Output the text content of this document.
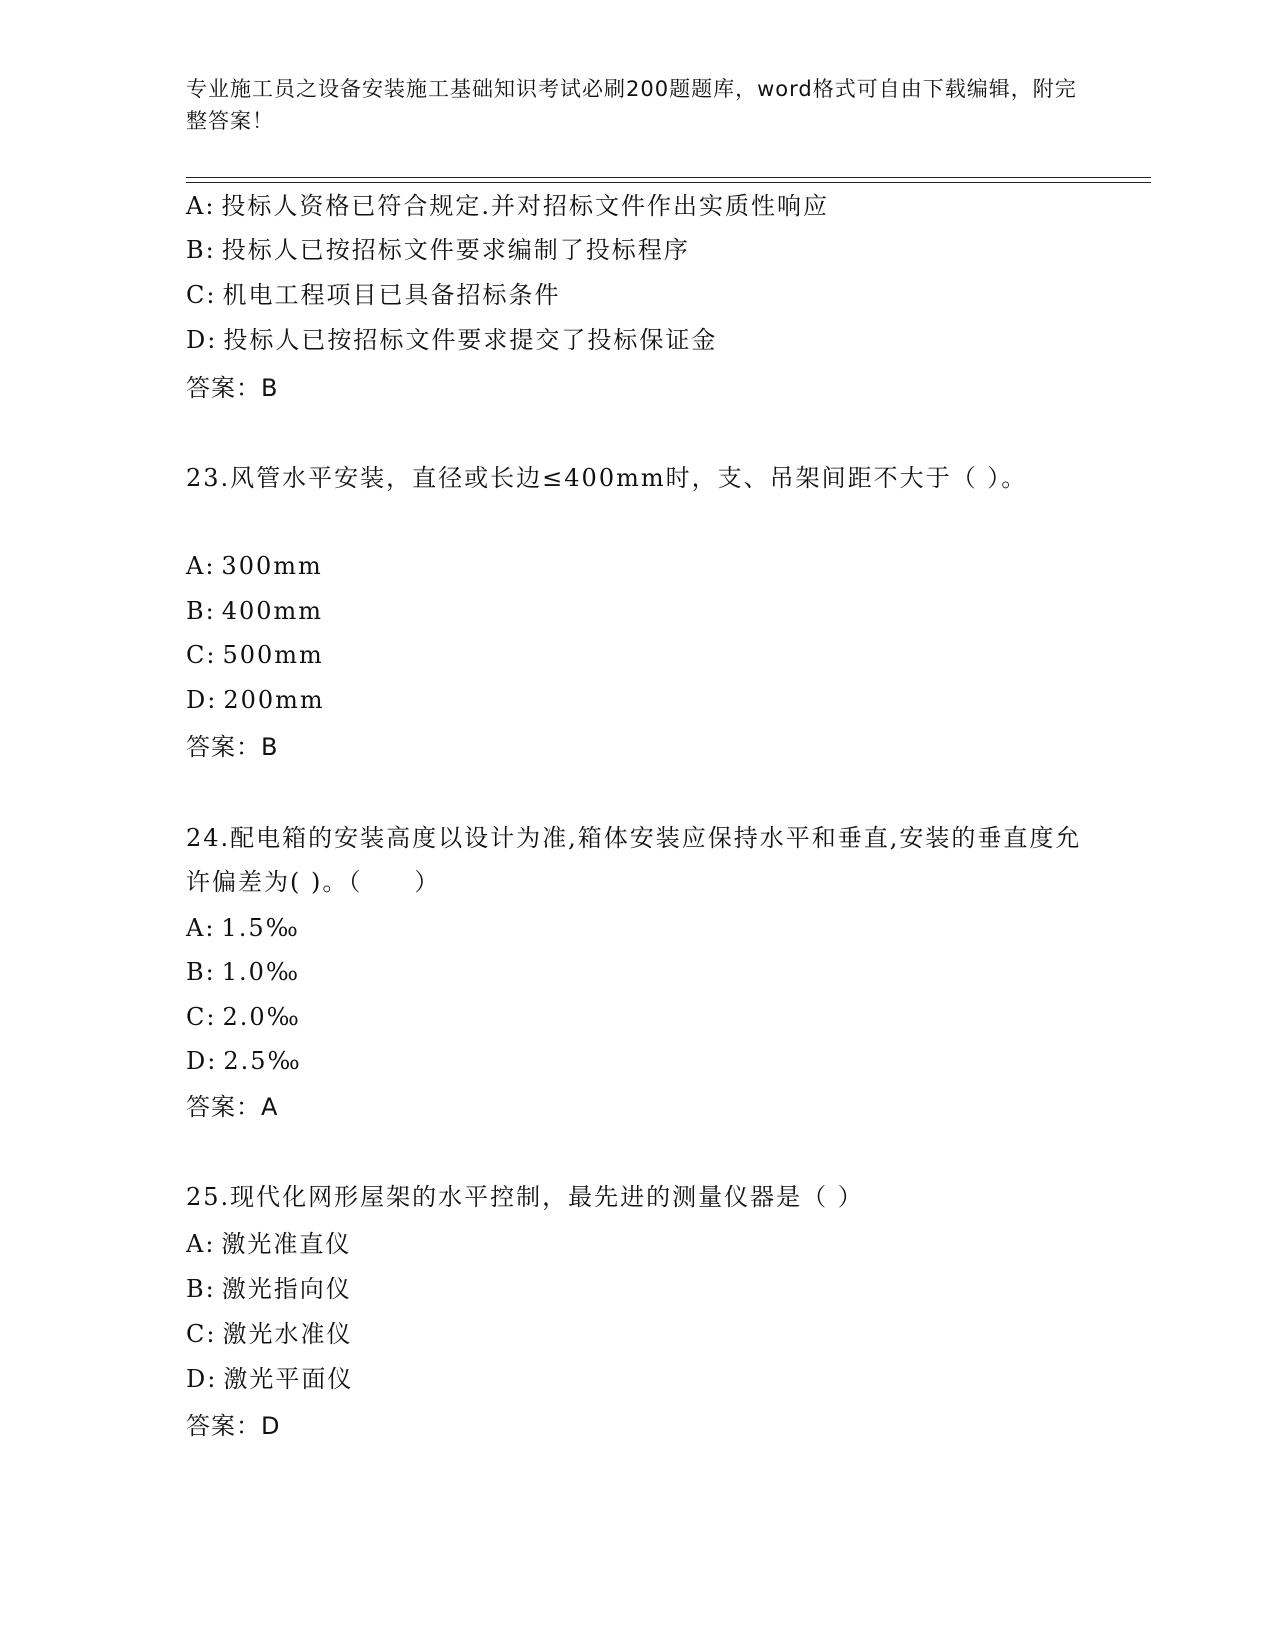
专业施工员之设备安装施工基础知识考试必刷200题题库，word格式可自由下载编辑，附完整答案！
A: 投标人资格已符合规定.并对招标文件作出实质性响应
B: 投标人已按招标文件要求编制了投标程序
C: 机电工程项目已具备招标条件
D: 投标人已按招标文件要求提交了投标保证金
答案：B
23.风管水平安装，直径或长边≤400mm时，支、吊架间距不大于（ ）。
A: 300mm
B: 400mm
C: 500mm
D: 200mm
答案：B
24.配电箱的安装高度以设计为准,箱体安装应保持水平和垂直,安装的垂直度允许偏差为( )。（　　）
A: 1.5‰
B: 1.0‰
C: 2.0‰
D: 2.5‰
答案：A
25.现代化网形屋架的水平控制，最先进的测量仪器是（ ）
A: 激光准直仪
B: 激光指向仪
C: 激光水准仪
D: 激光平面仪
答案：D
